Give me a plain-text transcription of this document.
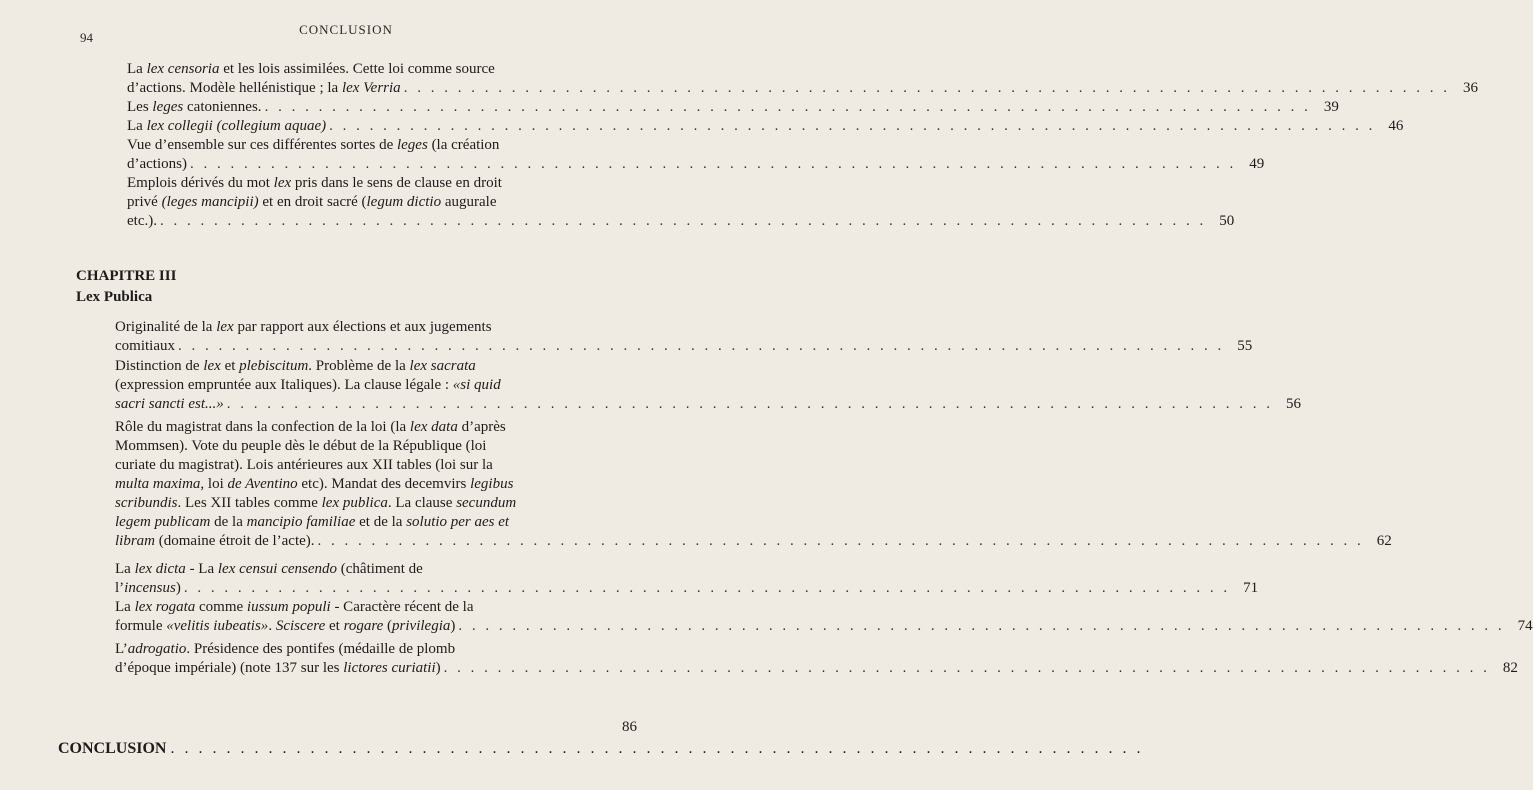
CONCLUSION
94
La lex censoria et les lois assimilées. Cette loi comme source
d’actions. Modèle hellénistique ; la lex Verria . . . . . . . . . . . . . . . . . . . . . . . . . . . . . . . . . . . . . . . . . . . . . . . . . . . . . . . . . . . . . . . . . . . . . . . . . . . . . . 36
Les leges catoniennes. . . . . . . . . . . . . . . . . . . . . . . . . . . . . . . . . . . . . . . . . . . . . . . . . . . . . . . . . . . . . . . . . . . . . . . . . . . . . . . 39
La lex collegii (collegium aquae) . . . . . . . . . . . . . . . . . . . . . . . . . . . . . . . . . . . . . . . . . . . . . . . . . . . . . . . . . . . . . . . . . . . . . . . . . . . . . . 46
Vue d’ensemble sur ces différentes sortes de leges (la création
d’actions) . . . . . . . . . . . . . . . . . . . . . . . . . . . . . . . . . . . . . . . . . . . . . . . . . . . . . . . . . . . . . . . . . . . . . . . . . . . . . . 49
Emplois dérivés du mot lex pris dans le sens de clause en droit
privé (leges mancipii) et en droit sacré (legum dictio augurale
etc.). . . . . . . . . . . . . . . . . . . . . . . . . . . . . . . . . . . . . . . . . . . . . . . . . . . . . . . . . . . . . . . . . . . . . . . . . . . . . . . 50
Originalité de la lex par rapport aux élections et aux jugements
comitiaux . . . . . . . . . . . . . . . . . . . . . . . . . . . . . . . . . . . . . . . . . . . . . . . . . . . . . . . . . . . . . . . . . . . . . . . . . . . . . . 55
Distinction de lex et plebiscitum. Problème de la lex sacrata
(expression empruntée aux Italiques). La clause légale : «si quid
sacri sancti est...» . . . . . . . . . . . . . . . . . . . . . . . . . . . . . . . . . . . . . . . . . . . . . . . . . . . . . . . . . . . . . . . . . . . . . . . . . . . . . . 56
Rôle du magistrat dans la confection de la loi (la lex data d’après
Mommsen). Vote du peuple dès le début de la République (loi
curiate du magistrat). Lois antérieures aux XII tables (loi sur la
multa maxima, loi de Aventino etc). Mandat des decemvirs legibus
scribundis. Les XII tables comme lex publica. La clause secundum
legem publicam de la mancipio familiae et de la solutio per aes et
libram (domaine étroit de l’acte). . . . . . . . . . . . . . . . . . . . . . . . . . . . . . . . . . . . . . . . . . . . . . . . . . . . . . . . . . . . . . . . . . . . . . . . . . . . . . . 62
La lex dicta - La lex censui censendo (châtiment de
l’incensus) . . . . . . . . . . . . . . . . . . . . . . . . . . . . . . . . . . . . . . . . . . . . . . . . . . . . . . . . . . . . . . . . . . . . . . . . . . . . . . 71
La lex rogata comme iussum populi - Caractère récent de la
formule «velitis iubeatis». Sciscere et rogare (privilegia) . . . . . . . . . . . . . . . . . . . . . . . . . . . . . . . . . . . . . . . . . . . . . . . . . . . . . . . . . . . . . . . . . . . . . . . . . . . . . . 74
L’adrogatio. Présidence des pontifes (médaille de plomb
d’époque impériale) (note 137 sur les lictores curiatii) . . . . . . . . . . . . . . . . . . . . . . . . . . . . . . . . . . . . . . . . . . . . . . . . . . . . . . . . . . . . . . . . . . . . . . . . . . . . . . 82
CHAPITRE III
Lex Publica
86
CONCLUSION . . . . . . . . . . . . . . . . . . . . . . . . . . . . . . . . . . . . . . . . . . . . . . . . . . . . . . . . . . . . . . . . . . . . . .
